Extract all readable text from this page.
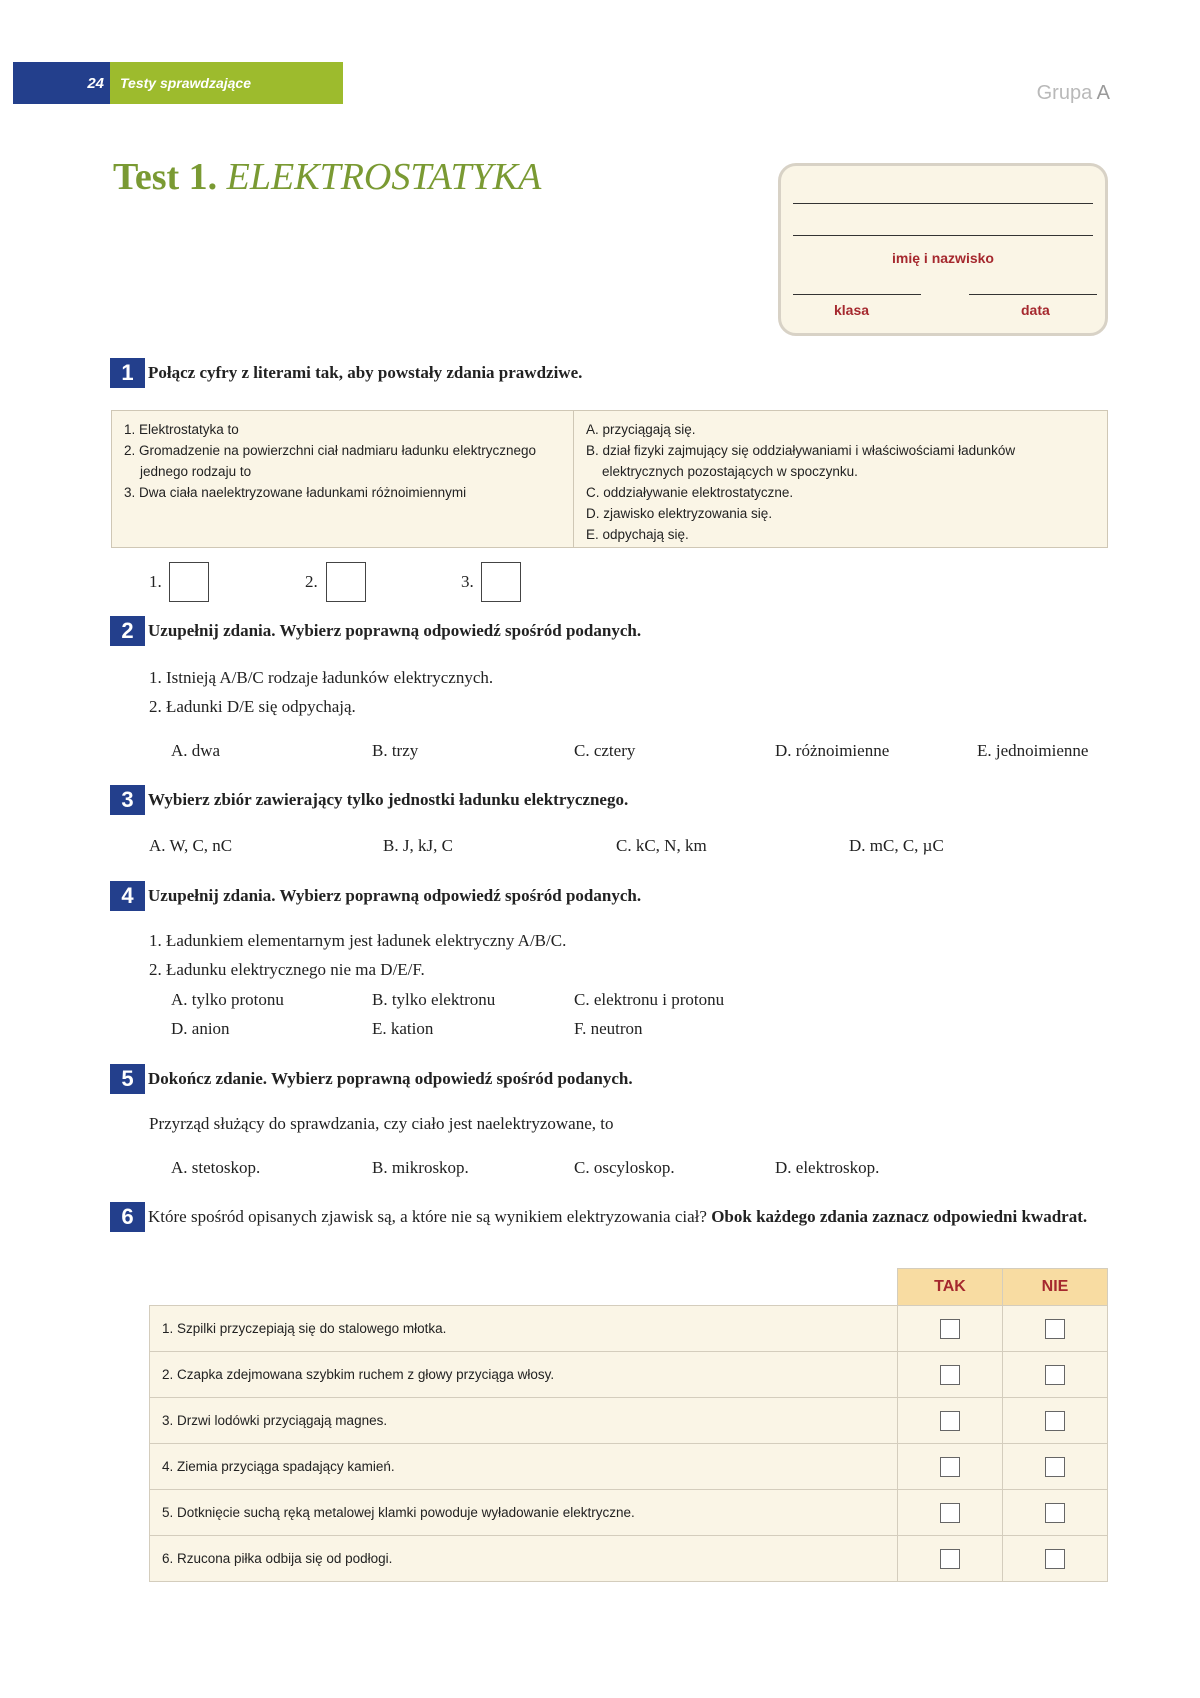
24	Testy sprawdzające	Grupa A
Test 1. ELEKTROSTATYKA
imię i nazwisko
klasa	data
1 Połącz cyfry z literami tak, aby powstały zdania prawdziwe.
1. Elektrostatyka to
2. Gromadzenie na powierzchni ciał nadmiaru ładunku elektrycznego jednego rodzaju to
3. Dwa ciała naelektryzowane ładunkami różnoimiennymi
A. przyciągają się.
B. dział fizyki zajmujący się oddziaływaniami i właściwościami ładunków elektrycznych pozostających w spoczynku.
C. oddziaływanie elektrostatyczne.
D. zjawisko elektryzowania się.
E. odpychają się.
1.	2.	3.
2 Uzupełnij zdania. Wybierz poprawną odpowiedź spośród podanych.
1. Istnieją A/B/C rodzaje ładunków elektrycznych.
2. Ładunki D/E się odpychają.
A. dwa	B. trzy	C. cztery	D. różnoimienne	E. jednoimienne
3 Wybierz zbiór zawierający tylko jednostki ładunku elektrycznego.
A. W, C, nC	B. J, kJ, C	C. kC, N, km	D. mC, C, µC
4 Uzupełnij zdania. Wybierz poprawną odpowiedź spośród podanych.
1. Ładunkiem elementarnym jest ładunek elektryczny A/B/C.
2. Ładunku elektrycznego nie ma D/E/F.
A. tylko protonu	B. tylko elektronu	C. elektronu i protonu
D. anion	E. kation	F. neutron
5 Dokończ zdanie. Wybierz poprawną odpowiedź spośród podanych.
Przyrząd służący do sprawdzania, czy ciało jest naelektryzowane, to
A. stetoskop.	B. mikroskop.	C. oscyloskop.	D. elektroskop.
6 Które spośród opisanych zjawisk są, a które nie są wynikiem elektryzowania ciał? Obok każdego zdania zaznacz odpowiedni kwadrat.
	TAK	NIE
1. Szpilki przyczepiają się do stalowego młotka.		
2. Czapka zdejmowana szybkim ruchem z głowy przyciąga włosy.		
3. Drzwi lodówki przyciągają magnes.		
4. Ziemia przyciąga spadający kamień.		
5. Dotknięcie suchą ręką metalowej klamki powoduje wyładowanie elektryczne.		
6. Rzucona piłka odbija się od podłogi.		
